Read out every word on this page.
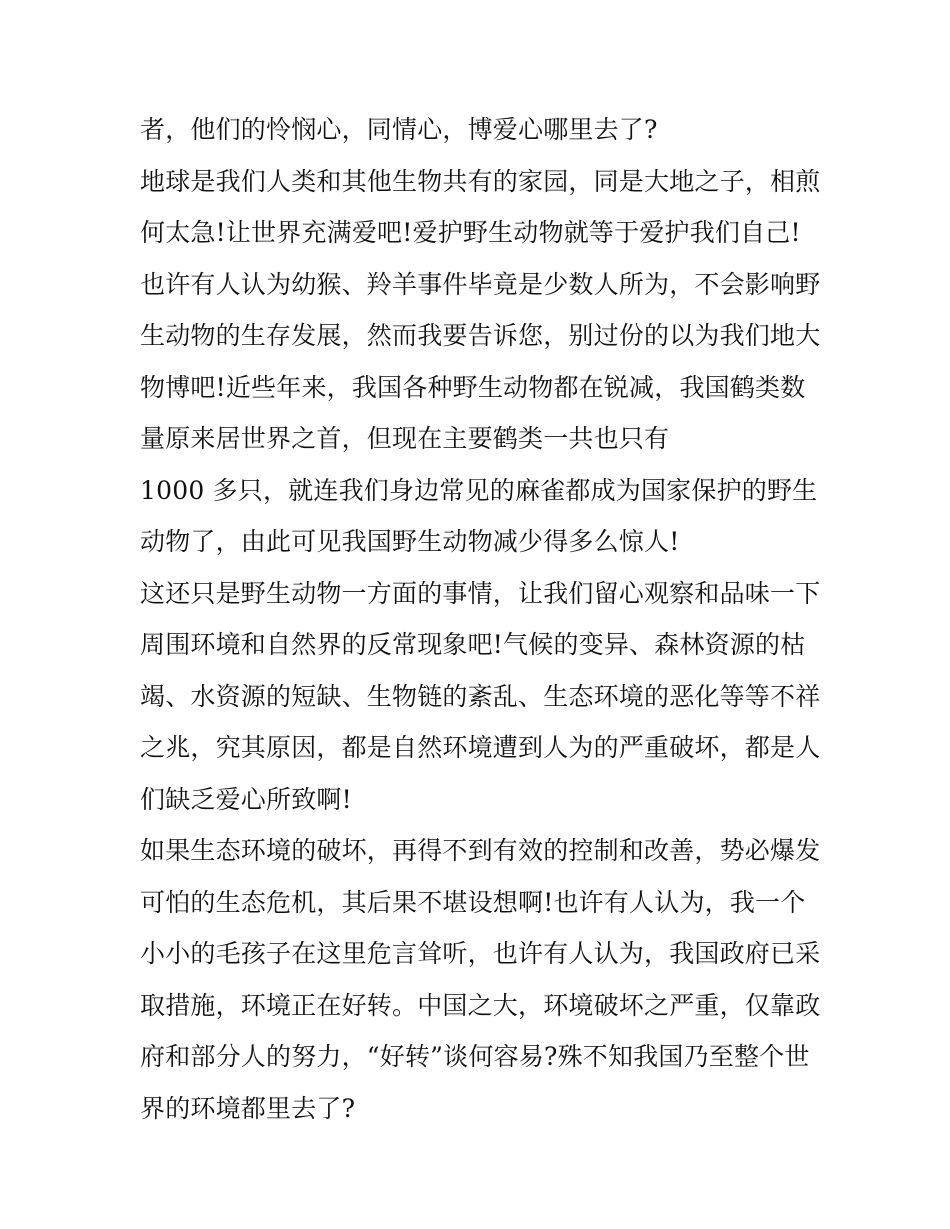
者，他们的怜悯心，同情心，博爱心哪里去了?
地球是我们人类和其他生物共有的家园，同是大地之子，相煎
何太急!让世界充满爱吧!爱护野生动物就等于爱护我们自己!
也许有人认为幼猴、羚羊事件毕竟是少数人所为，不会影响野
生动物的生存发展，然而我要告诉您，别过份的以为我们地大
物博吧!近些年来，我国各种野生动物都在锐减，我国鹤类数
量原来居世界之首，但现在主要鹤类一共也只有
1000 多只，就连我们身边常见的麻雀都成为国家保护的野生
动物了，由此可见我国野生动物减少得多么惊人!
这还只是野生动物一方面的事情，让我们留心观察和品味一下
周围环境和自然界的反常现象吧!气候的变异、森林资源的枯
竭、水资源的短缺、生物链的紊乱、生态环境的恶化等等不祥
之兆，究其原因，都是自然环境遭到人为的严重破坏，都是人
们缺乏爱心所致啊!
如果生态环境的破坏，再得不到有效的控制和改善，势必爆发
可怕的生态危机，其后果不堪设想啊!也许有人认为，我一个
小小的毛孩子在这里危言耸听，也许有人认为，我国政府已采
取措施，环境正在好转。中国之大，环境破坏之严重，仅靠政
府和部分人的努力，“好转”谈何容易?殊不知我国乃至整个世
界的环境都里去了?
